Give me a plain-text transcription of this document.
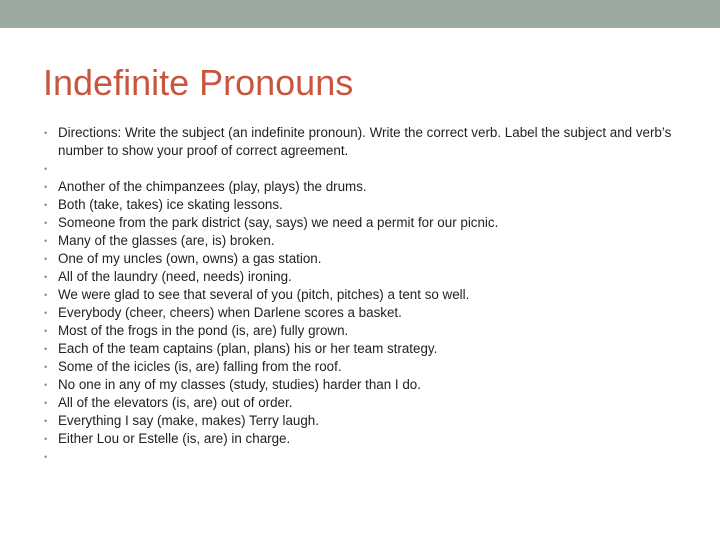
Indefinite Pronouns
• Directions: Write the subject (an indefinite pronoun). Write the correct verb. Label the subject and verb’s number to show your proof of correct agreement.
•
• Another of the chimpanzees (play, plays) the drums.
• Both (take, takes) ice skating lessons.
• Someone from the park district (say, says) we need a permit for our picnic.
• Many of the glasses (are, is) broken.
• One of my uncles (own, owns) a gas station.
• All of the laundry (need, needs) ironing.
• We were glad to see that several of you (pitch, pitches) a tent so well.
• Everybody (cheer, cheers) when Darlene scores a basket.
• Most of the frogs in the pond (is, are) fully grown.
• Each of the team captains (plan, plans) his or her team strategy.
• Some of the icicles (is, are) falling from the roof.
• No one in any of my classes (study, studies) harder than I do.
• All of the elevators (is, are) out of order.
• Everything I say (make, makes) Terry laugh.
• Either Lou or Estelle (is, are) in charge.
•
